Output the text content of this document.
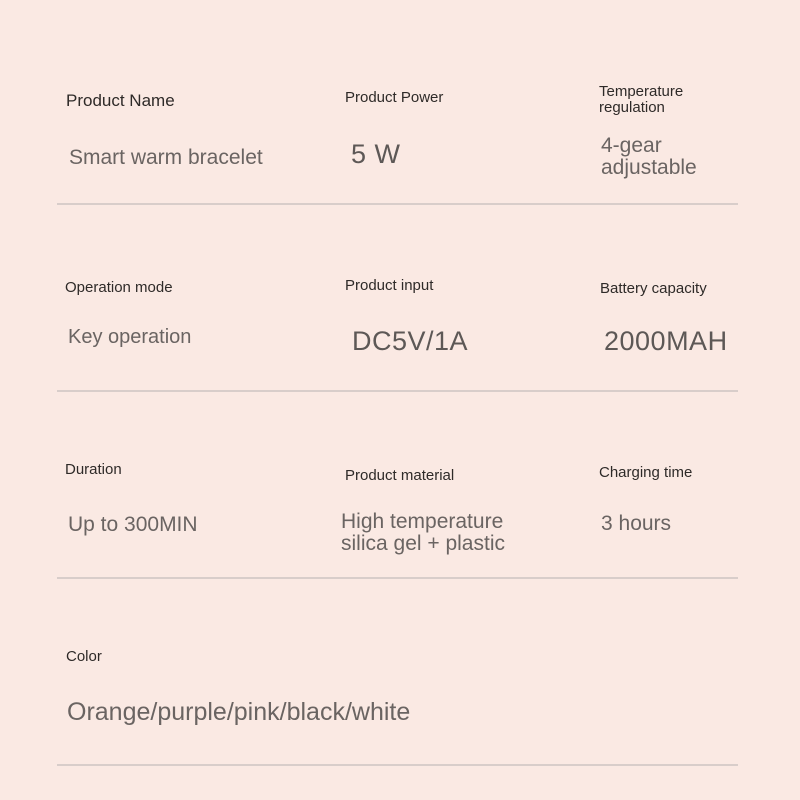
Product Name
Smart warm bracelet
Product Power
5 W
Temperature regulation
4-gear adjustable
Operation mode
Key operation
Product input
DC5V/1A
Battery capacity
2000MAH
Duration
Up to 300MIN
Product material
High temperature silica gel + plastic
Charging time
3 hours
Color
Orange/purple/pink/black/white
